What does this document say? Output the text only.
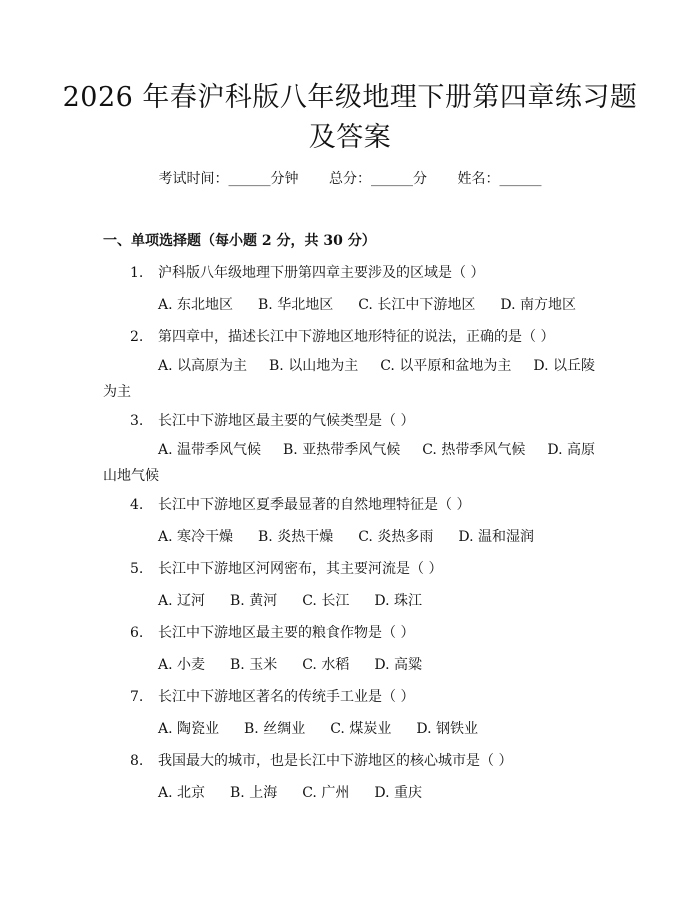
2026 年春沪科版八年级地理下册第四章练习题及答案
考试时间：______分钟 总分：______分 姓名：______
一、单项选择题（每小题 2 分，共 30 分）
1. 沪科版八年级地理下册第四章主要涉及的区域是（ ）
A. 东北地区 B. 华北地区 C. 长江中下游地区 D. 南方地区
2. 第四章中，描述长江中下游地区地形特征的说法，正确的是（ ）
A. 以高原为主 B. 以山地为主 C. 以平原和盆地为主 D. 以丘陵为主
3. 长江中下游地区最主要的气候类型是（ ）
A. 温带季风气候 B. 亚热带季风气候 C. 热带季风气候 D. 高原山地气候
4. 长江中下游地区夏季最显著的自然地理特征是（ ）
A. 寒冷干燥 B. 炎热干燥 C. 炎热多雨 D. 温和湿润
5. 长江中下游地区河网密布，其主要河流是（ ）
A. 辽河 B. 黄河 C. 长江 D. 珠江
6. 长江中下游地区最主要的粮食作物是（ ）
A. 小麦 B. 玉米 C. 水稻 D. 高粱
7. 长江中下游地区著名的传统手工业是（ ）
A. 陶瓷业 B. 丝绸业 C. 煤炭业 D. 钢铁业
8. 我国最大的城市，也是长江中下游地区的核心城市是（ ）
A. 北京 B. 上海 C. 广州 D. 重庆
